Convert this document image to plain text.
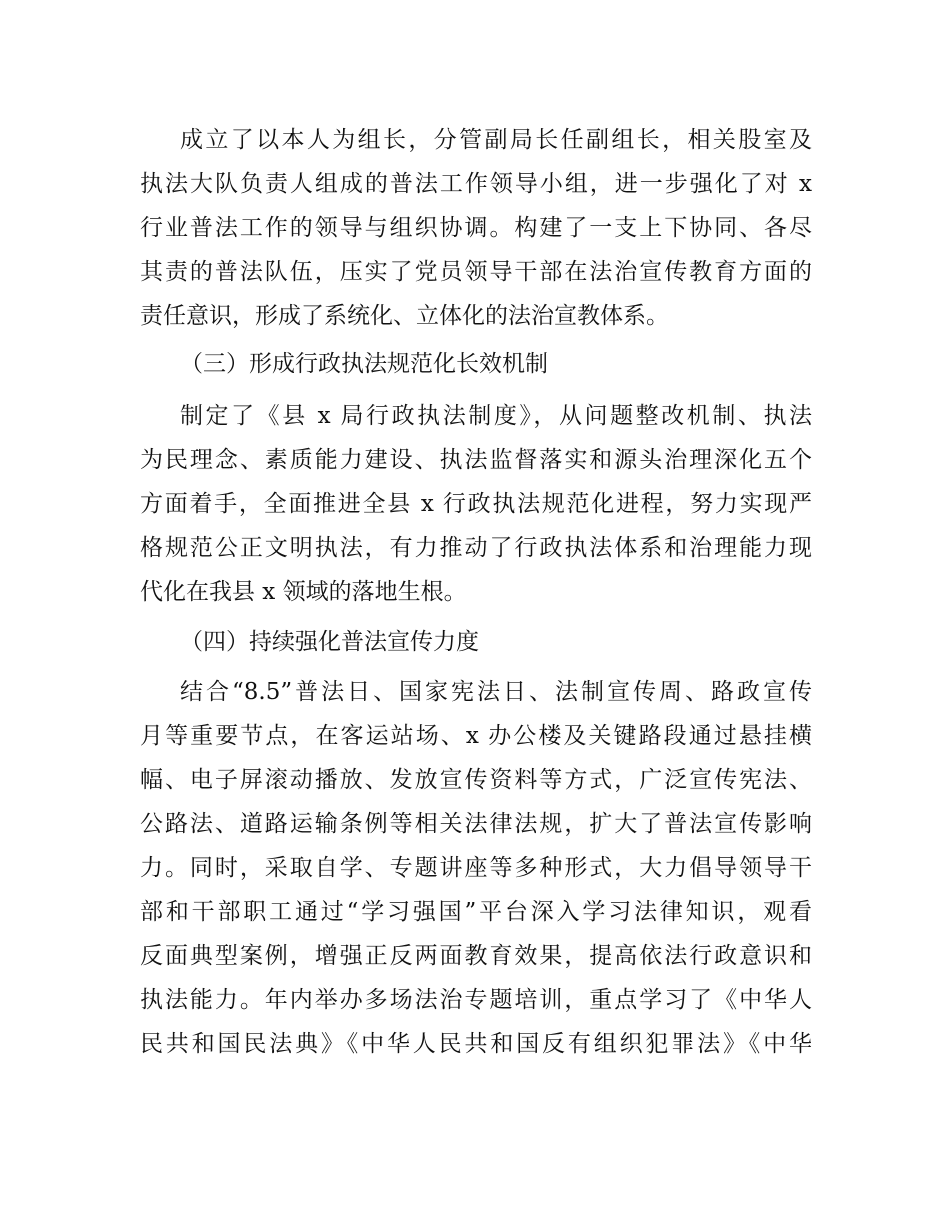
成立了以本人为组长，分管副局长任副组长，相关股室及
执法大队负责人组成的普法工作领导小组，进一步强化了对 x
行业普法工作的领导与组织协调。构建了一支上下协同、各尽
其责的普法队伍，压实了党员领导干部在法治宣传教育方面的
责任意识，形成了系统化、立体化的法治宣教体系。
（三）形成行政执法规范化长效机制
制定了《县 x 局行政执法制度》，从问题整改机制、执法
为民理念、素质能力建设、执法监督落实和源头治理深化五个
方面着手，全面推进全县 x 行政执法规范化进程，努力实现严
格规范公正文明执法，有力推动了行政执法体系和治理能力现
代化在我县 x 领域的落地生根。
（四）持续强化普法宣传力度
结合“8.5”普法日、国家宪法日、法制宣传周、路政宣传
月等重要节点，在客运站场、x 办公楼及关键路段通过悬挂横
幅、电子屏滚动播放、发放宣传资料等方式，广泛宣传宪法、
公路法、道路运输条例等相关法律法规，扩大了普法宣传影响
力。同时，采取自学、专题讲座等多种形式，大力倡导领导干
部和干部职工通过“学习强国”平台深入学习法律知识，观看
反面典型案例，增强正反两面教育效果，提高依法行政意识和
执法能力。年内举办多场法治专题培训，重点学习了《中华人
民共和国民法典》《中华人民共和国反有组织犯罪法》《中华
